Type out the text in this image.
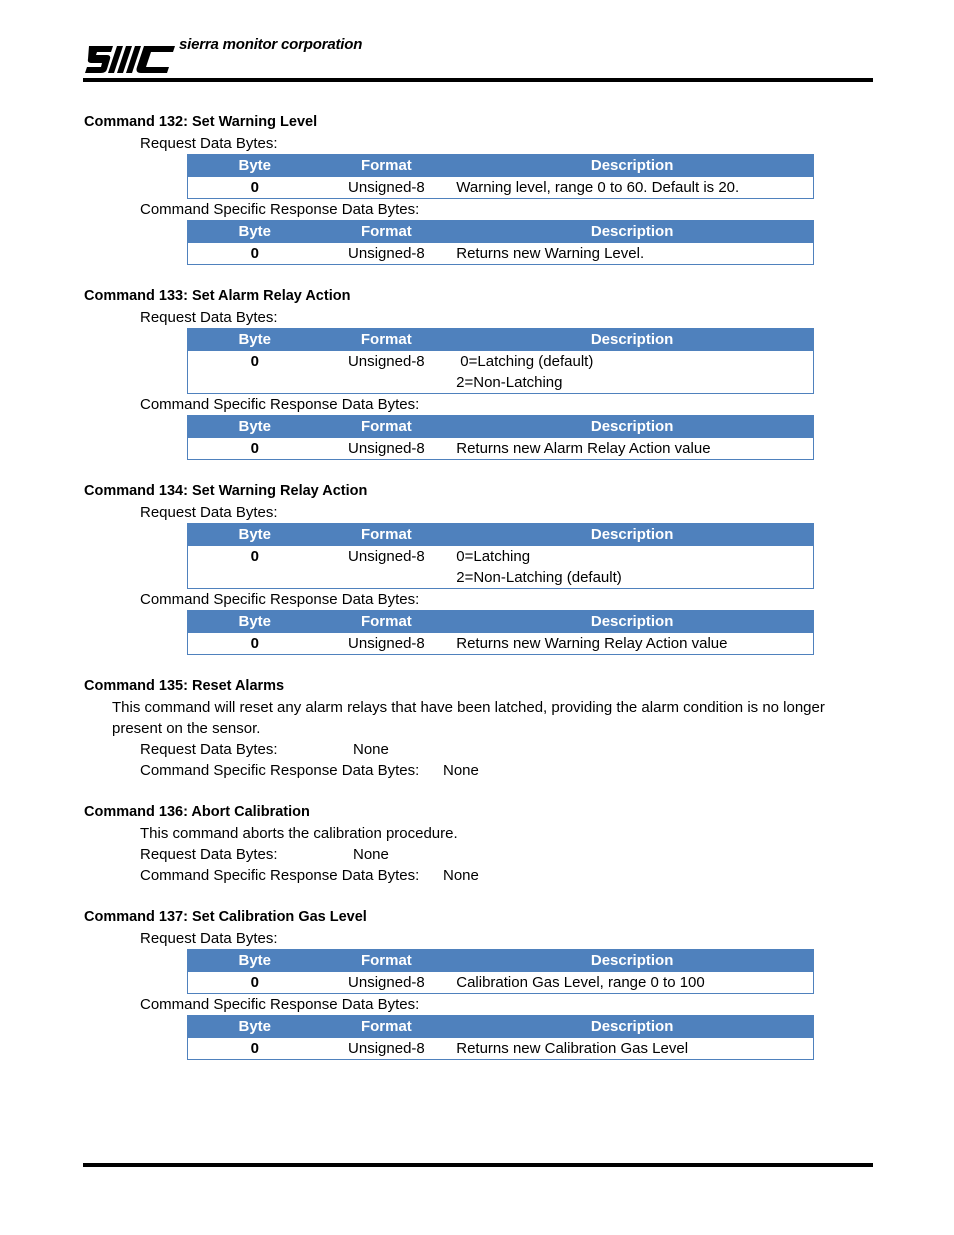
sierra monitor corporation
Command 132: Set Warning Level
Request Data Bytes:
Byte	Format	Description
0	Unsigned-8	Warning level, range 0 to 60. Default is 20.
Command Specific Response Data Bytes:
Byte	Format	Description
0	Unsigned-8	Returns new Warning Level.
Command 133: Set Alarm Relay Action
Request Data Bytes:
Byte	Format	Description
0	Unsigned-8	0=Latching (default)
2=Non-Latching
Command Specific Response Data Bytes:
Byte	Format	Description
0	Unsigned-8	Returns new Alarm Relay Action value
Command 134: Set Warning Relay Action
Request Data Bytes:
Byte	Format	Description
0	Unsigned-8	0=Latching
2=Non-Latching (default)
Command Specific Response Data Bytes:
Byte	Format	Description
0	Unsigned-8	Returns new Warning Relay Action value
Command 135: Reset Alarms
This command will reset any alarm relays that have been latched, providing the alarm condition is no longer
present on the sensor.
Request Data Bytes:	None
Command Specific Response Data Bytes:	None
Command 136: Abort Calibration
This command aborts the calibration procedure.
Request Data Bytes:	None
Command Specific Response Data Bytes:	None
Command 137: Set Calibration Gas Level
Request Data Bytes:
Byte	Format	Description
0	Unsigned-8	Calibration Gas Level, range 0 to 100
Command Specific Response Data Bytes:
Byte	Format	Description
0	Unsigned-8	Returns new Calibration Gas Level
